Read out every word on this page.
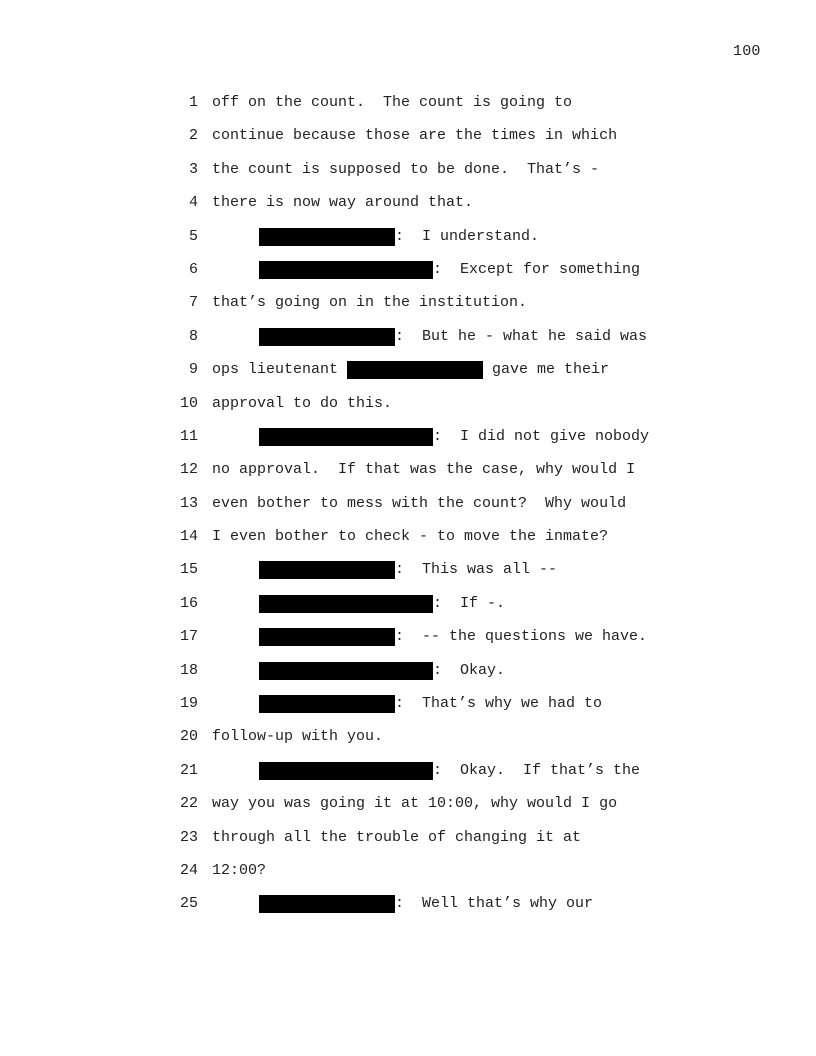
100
1 off on the count.  The count is going to
2 continue because those are the times in which
3 the count is supposed to be done.  That’s -
4 there is now way around that.
5	:  I understand.
6	:  Except for something
7 that’s going on in the institution.
8	:  But he - what he said was
9 ops lieutenant	gave me their
10 approval to do this.
11	:  I did not give nobody
12 no approval.  If that was the case, why would I
13 even bother to mess with the count?  Why would
14 I even bother to check - to move the inmate?
15	:  This was all --
16	:  If -.
17	:  -- the questions we have.
18	:  Okay.
19	:  That’s why we had to
20 follow-up with you.
21	:  Okay.  If that’s the
22 way you was going it at 10:00, why would I go
23 through all the trouble of changing it at
24 12:00?
25	:  Well that’s why our
